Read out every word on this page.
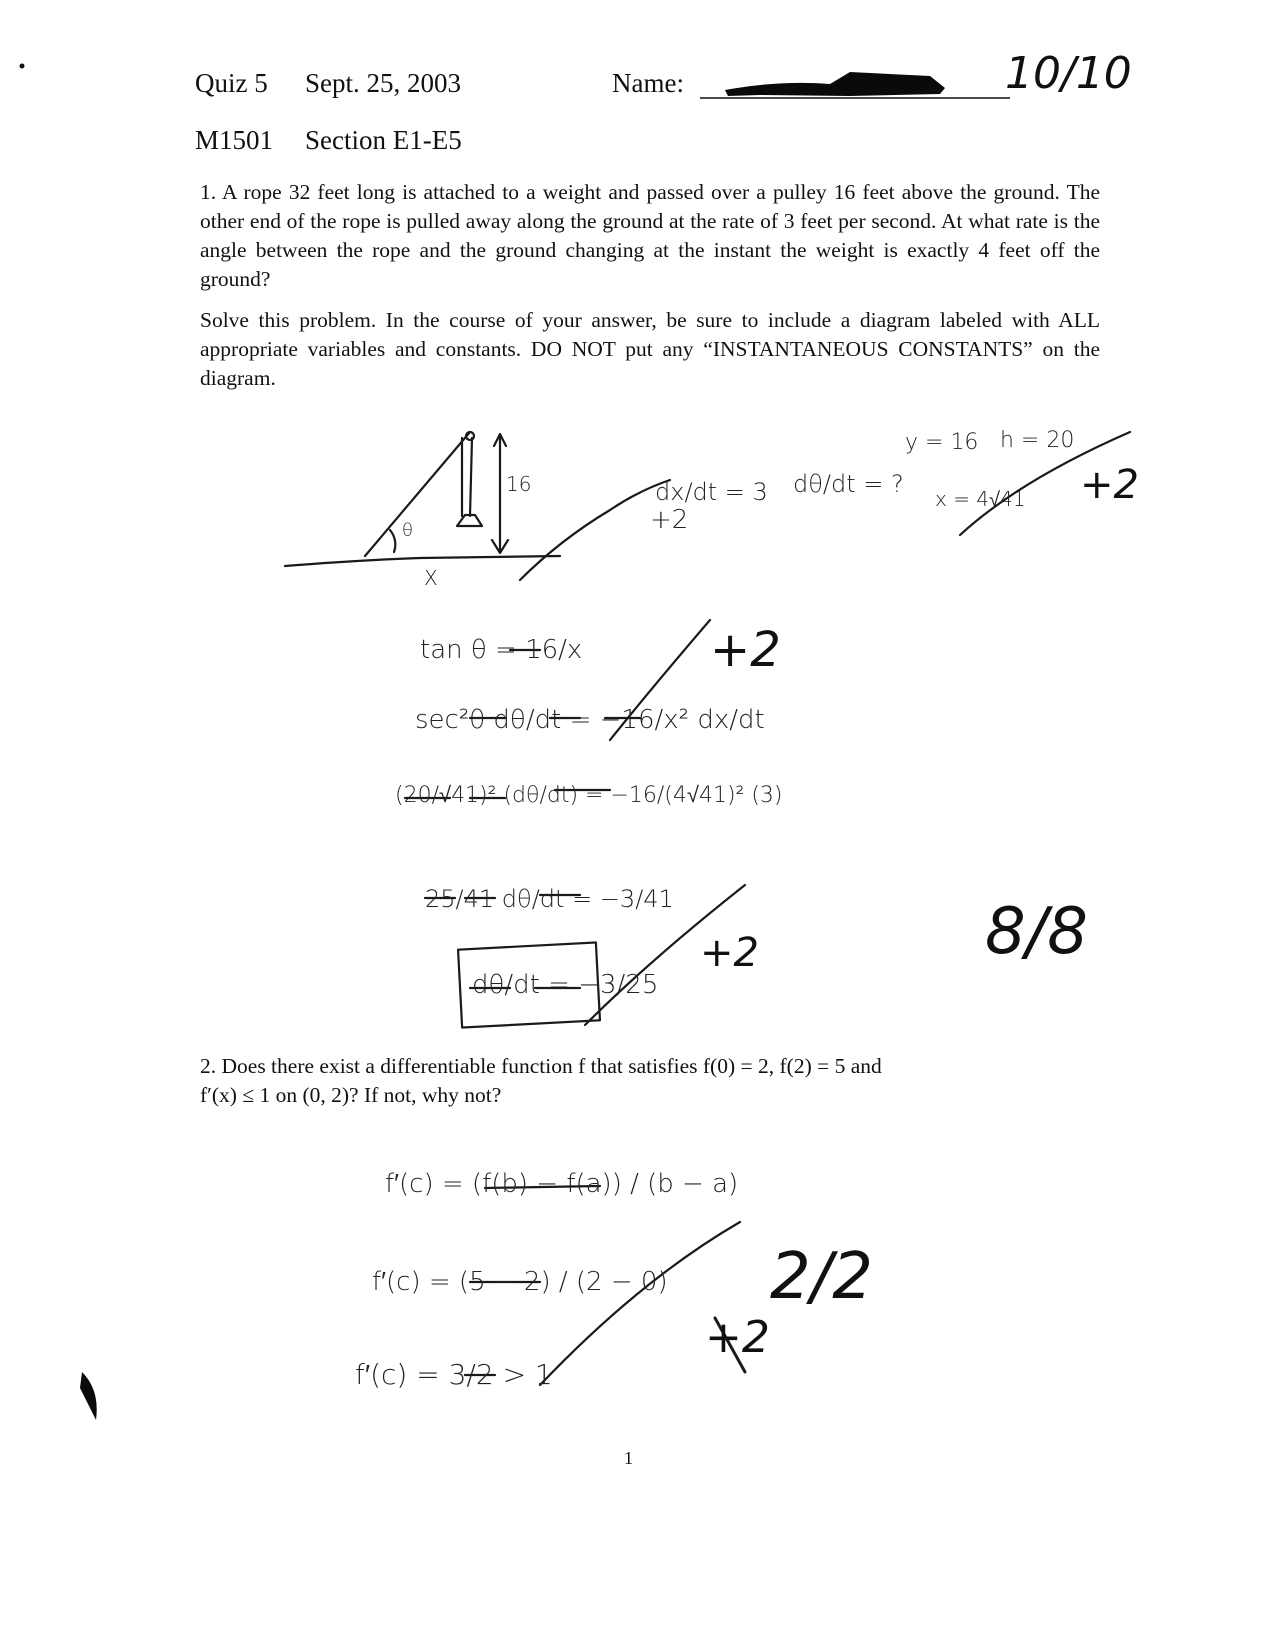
Quiz 5 Sept. 25, 2003	Name:
M1501 Section E1-E5
10/10
1. A rope 32 feet long is attached to a weight and passed over a pulley 16 feet above the ground. The other end of the rope is pulled away along the ground at the rate of 3 feet per second. At what rate is the angle between the rope and the ground changing at the instant the weight is exactly 4 feet off the ground?
Solve this problem. In the course of your answer, be sure to include a diagram labeled with ALL appropriate variables and constants. DO NOT put any “INSTANTANEOUS CONSTANTS” on the diagram.
16
θ
X
dx/dt = 3
+2
dθ/dt = ?
y = 16 h = 20
x = 4√41 +2
tan θ = 16/x
sec²θ dθ/dt = −16/x² dx/dt
+2
(20/√41)² (dθ/dt) = −16/(4√41)² (3)
25/41 dθ/dt = −3/41
dθ/dt = −3/25
+2	8/8
2. Does there exist a differentiable function f that satisfies f(0) = 2, f(2) = 5 and
f′(x) ≤ 1 on (0, 2)? If not, why not?
f′(c) = (f(b) − f(a)) / (b − a)
f′(c) = (5 − 2) / (2 − 0)
f′(c) = 3/2 > 1
+2
2/2
1
